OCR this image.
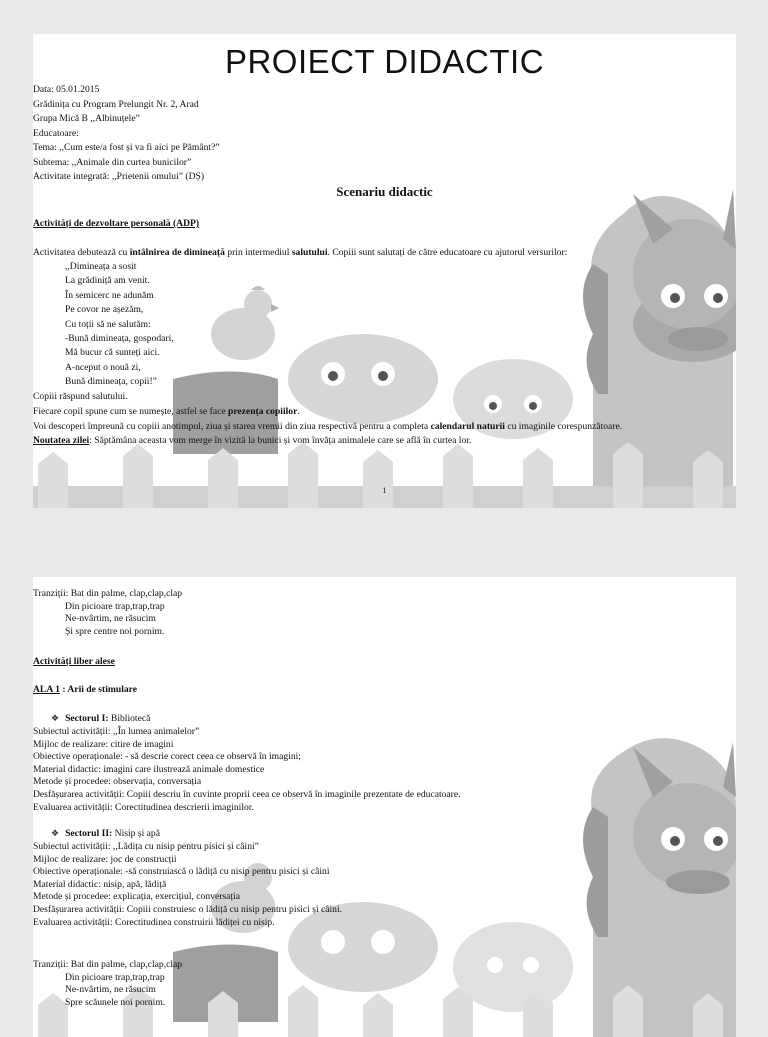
PROIECT DIDACTIC
Data: 05.01.2015
Grădinița cu Program Prelungit Nr. 2, Arad
Grupa Mică B ,,Albinuțele”
Educatoare:
Tema: ,,Cum este/a fost și va fi aici pe Pământ?”
Subtema: ,,Animale din curtea bunicilor”
Activitate integrată: ,,Prietenii omului” (DȘ)
Scenariu didactic
Activități de dezvoltare personală (ADP)
Activitatea debutează cu întâlnirea de dimineață prin intermediul salutului. Copiii sunt salutați de către educatoare cu ajutorul versurilor:
,,Dimineața a sosit
La grădiniță am venit.
În semicerc ne adunăm
Pe covor ne așezăm,
Cu toții să ne salutăm:
-Bună dimineața, gospodari,
Mă bucur că sunteți aici.
A-nceput o nouă zi,
Bună dimineața, copii!”
Copiii răspund salutului.
Fiecare copil spune cum se numește, astfel se face prezența copiilor.
Voi descoperi împreună cu copiii anotimpul, ziua și starea vremii din ziua respectivă pentru a completa calendarul naturii cu imaginile corespunzătoare.
Noutatea zilei: Săptămâna aceasta vom merge în vizită la bunici și vom învăța animalele care se află în curtea lor.
1
Tranziții: Bat din palme, clap,clap,clap
Din picioare trap,trap,trap
Ne-nvârtim, ne răsucim
Și spre centre noi pornim.
Activități liber alese
ALA 1 : Arii de stimulare
❖ Sectorul I: Bibliotecă
Subiectul activității: ,,În lumea animalelor”
Mijloc de realizare: citire de imagini
Obiective operaționale: - să descrie corect ceea ce observă în imagini;
Material didactic: imagini care ilustrează animale domestice
Metode și procedee: observația, conversația
Desfășurarea activității: Copiii descriu în cuvinte proprii ceea ce observă în imaginile prezentate de educatoare.
Evaluarea activității: Corectitudinea descrierii imaginilor.
❖ Sectorul II: Nisip și apă
Subiectul activității: ,,Lădița cu nisip pentru pisici și câini”
Mijloc de realizare: joc de construcții
Obiective operaționale: -să construiască o lădiță cu nisip pentru pisici și câini
Material didactic: nisip, apă, lădiță
Metode și procedee: explicația, exercițiul, conversația
Desfășurarea activității: Copiii construiesc o lădiță cu nisip pentru pisici și câini.
Evaluarea activității: Corectitudinea construirii lădiței cu nisip.
Tranziții: Bat din palme, clap,clap,clap
Din picioare trap,trap,trap
Ne-nvârtim, ne răsucim
Spre scăunele noi pornim.
